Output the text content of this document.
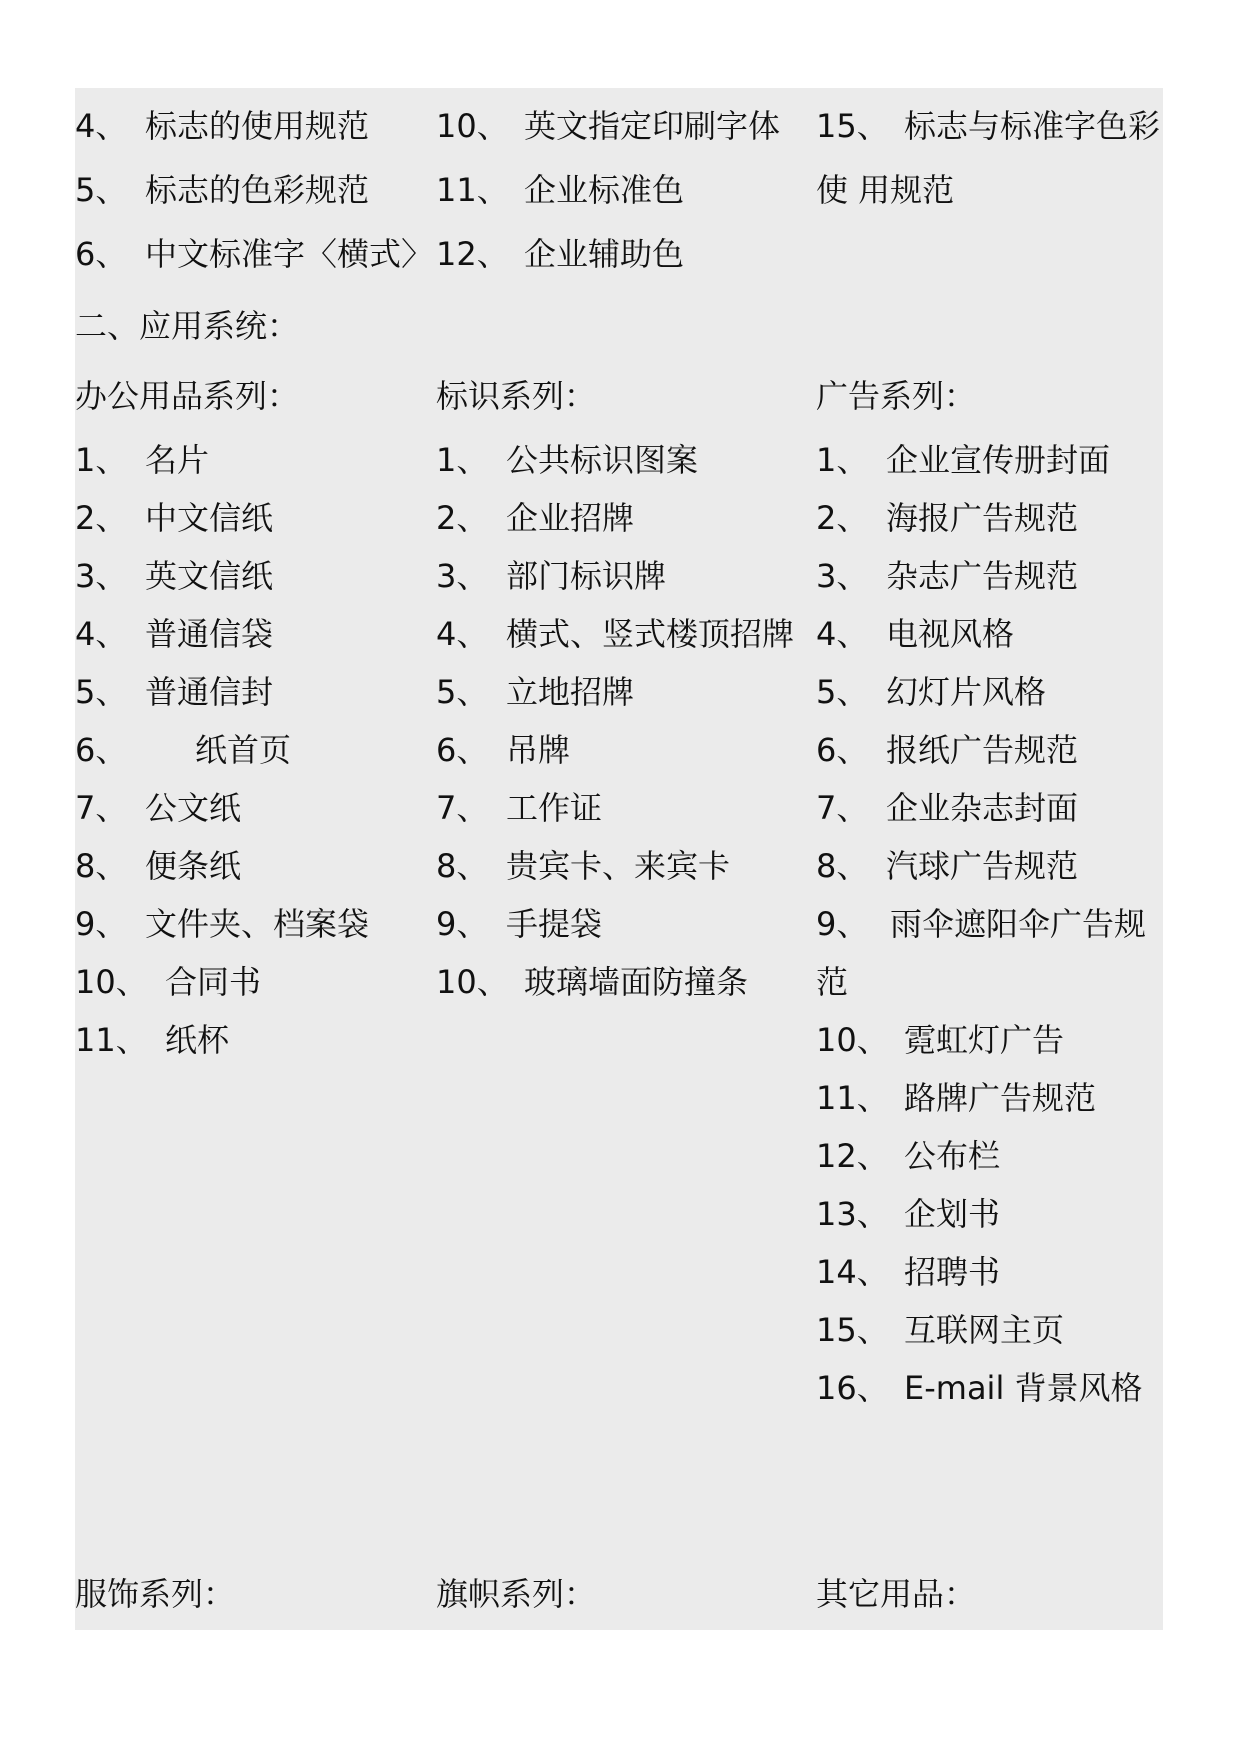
4、 标志的使用规范
5、 标志的色彩规范
6、 中文标准字〈横式〉
10、 英文指定印刷字体
11、 企业标准色
12、 企业辅助色
15、 标志与标准字色彩
使 用规范
二、应用系统：
办公用品系列：
1、 名片
2、 中文信纸
3、 英文信纸
4、 普通信袋
5、 普通信封
6、 纸首页
7、 公文纸
8、 便条纸
9、 文件夹、档案袋
10、 合同书
11、 纸杯
标识系列：
1、 公共标识图案
2、 企业招牌
3、 部门标识牌
4、 横式、竖式楼顶招牌
5、 立地招牌
6、 吊牌
7、 工作证
8、 贵宾卡、来宾卡
9、 手提袋
10、 玻璃墙面防撞条
广告系列：
1、 企业宣传册封面
2、 海报广告规范
3、 杂志广告规范
4、 电视风格
5、 幻灯片风格
6、 报纸广告规范
7、 企业杂志封面
8、 汽球广告规范
9、 雨伞遮阳伞广告规
范
10、 霓虹灯广告
11、 路牌广告规范
12、 公布栏
13、 企划书
14、 招聘书
15、 互联网主页
16、 E-mail 背景风格
服饰系列：	旗帜系列：	其它用品：
